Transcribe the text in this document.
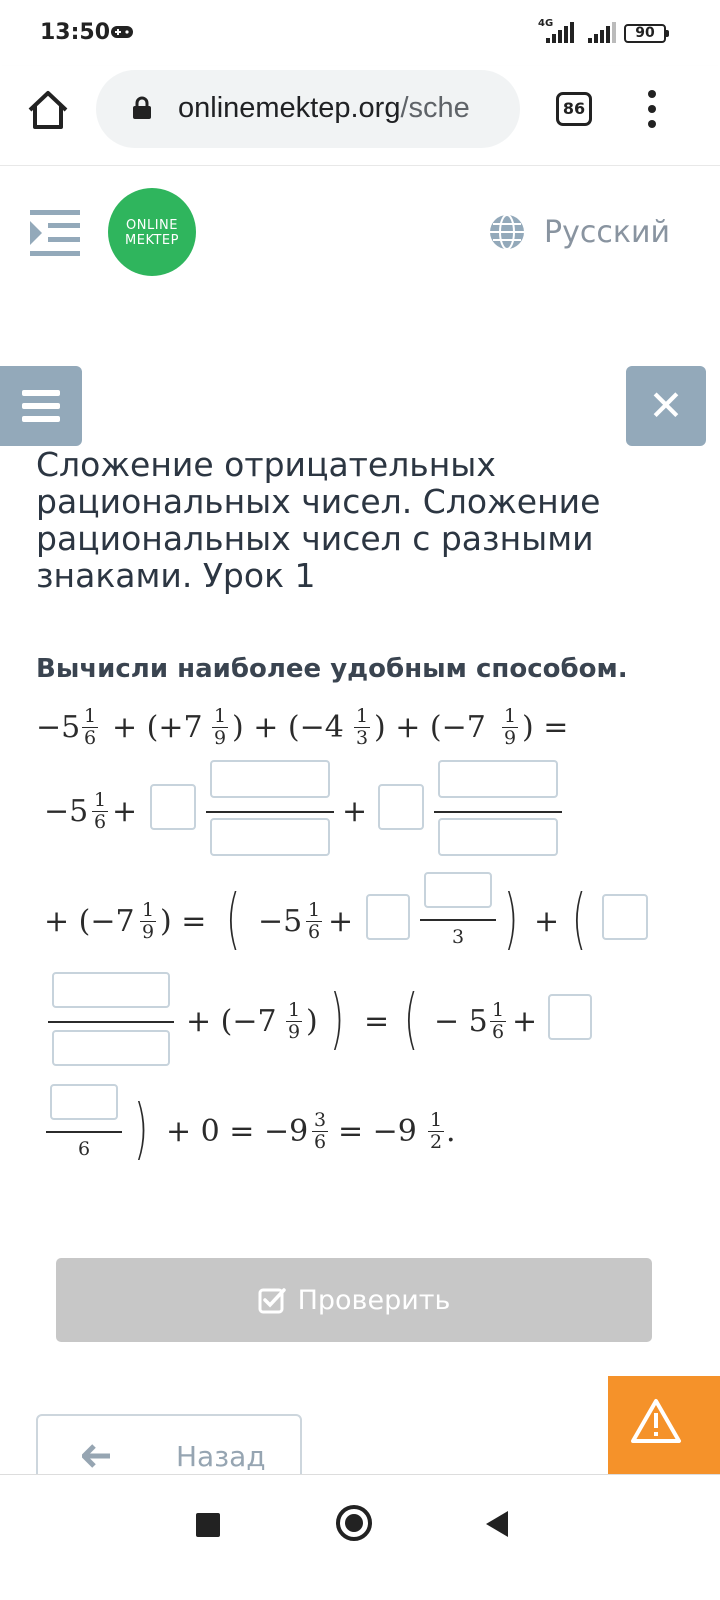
13:50	4G
90
onlinemektep.org/sche	86
ONLINE
MEKTEP	Русский
✕
Сложение отрицательных рациональных чисел. Сложение рациональных чисел с разными знаками. Урок 1
Вычисли наиболее удобным способом.
−5 1
6 + (+7 1
9 ) + (−4 1
3 ) + (−7 1
9 ) =
−5 1
6 +	+
+ (−7 1
9 ) = ( −5 1
6 +	3 ) + (
+ (−7 1
9 ) ) = ( − 5 1
6 +
6 ) + 0 = −9 3
6 = −9 1
2 .
Проверить
Назад
